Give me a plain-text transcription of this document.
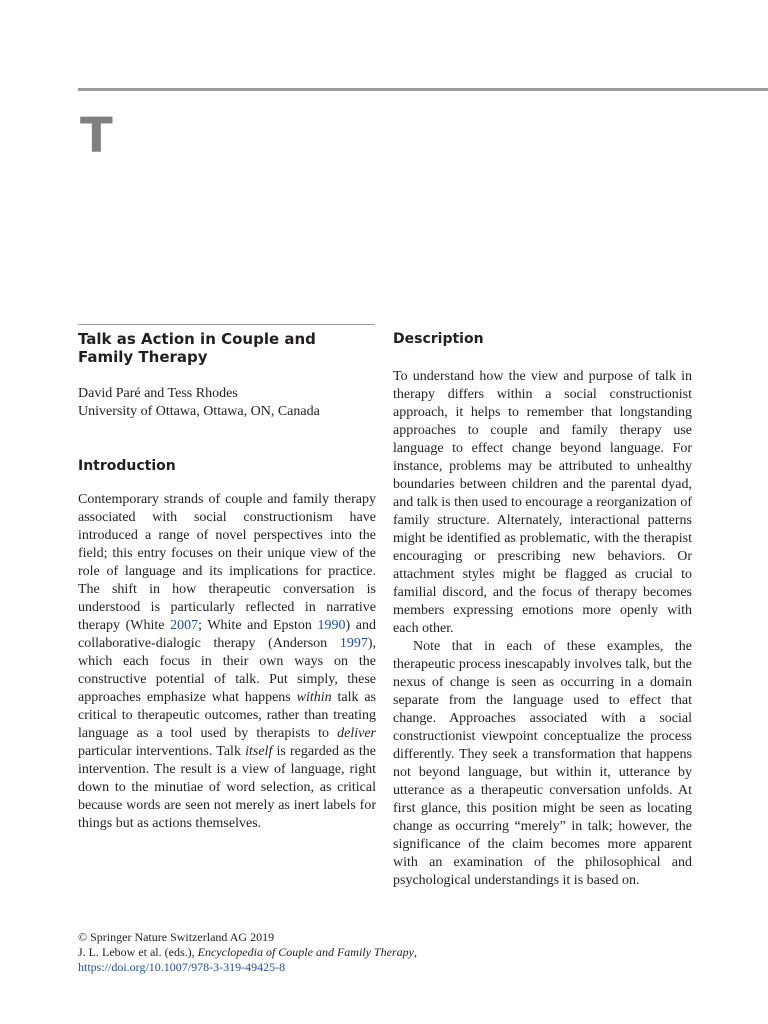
T
Talk as Action in Couple and
Family Therapy
David Paré and Tess Rhodes
University of Ottawa, Ottawa, ON, Canada
Introduction

Contemporary strands of couple and family therapy associated with social constructionism have introduced a range of novel perspectives into the field; this entry focuses on their unique view of the role of language and its implications for practice. The shift in how therapeutic conversation is understood is particularly reflected in narrative therapy (White 2007; White and Epston 1990) and collaborative-dialogic therapy (Anderson 1997), which each focus in their own ways on the constructive potential of talk. Put simply, these approaches emphasize what happens within talk as critical to therapeutic outcomes, rather than treating language as a tool used by therapists to deliver particular interventions. Talk itself is regarded as the intervention. The result is a view of language, right down to the minutiae of word selection, as critical because words are seen not merely as inert labels for things but as actions themselves.

Description

To understand how the view and purpose of talk in therapy differs within a social constructionist approach, it helps to remember that longstanding approaches to couple and family therapy use language to effect change beyond language. For instance, problems may be attributed to unhealthy boundaries between children and the parental dyad, and talk is then used to encourage a reorganization of family structure. Alternately, interactional patterns might be identified as problematic, with the therapist encouraging or prescribing new behaviors. Or attachment styles might be flagged as crucial to familial discord, and the focus of therapy becomes members expressing emotions more openly with each other.

Note that in each of these examples, the therapeutic process inescapably involves talk, but the nexus of change is seen as occurring in a domain separate from the language used to effect that change. Approaches associated with a social constructionist viewpoint conceptualize the process differently. They seek a transformation that happens not beyond language, but within it, utterance by utterance as a therapeutic conversation unfolds. At first glance, this position might be seen as locating change as occurring “merely” in talk; however, the significance of the claim becomes more apparent with an examination of the philosophical and psychological understandings it is based on.

© Springer Nature Switzerland AG 2019
J. L. Lebow et al. (eds.), Encyclopedia of Couple and Family Therapy,
https://doi.org/10.1007/978-3-319-49425-8
